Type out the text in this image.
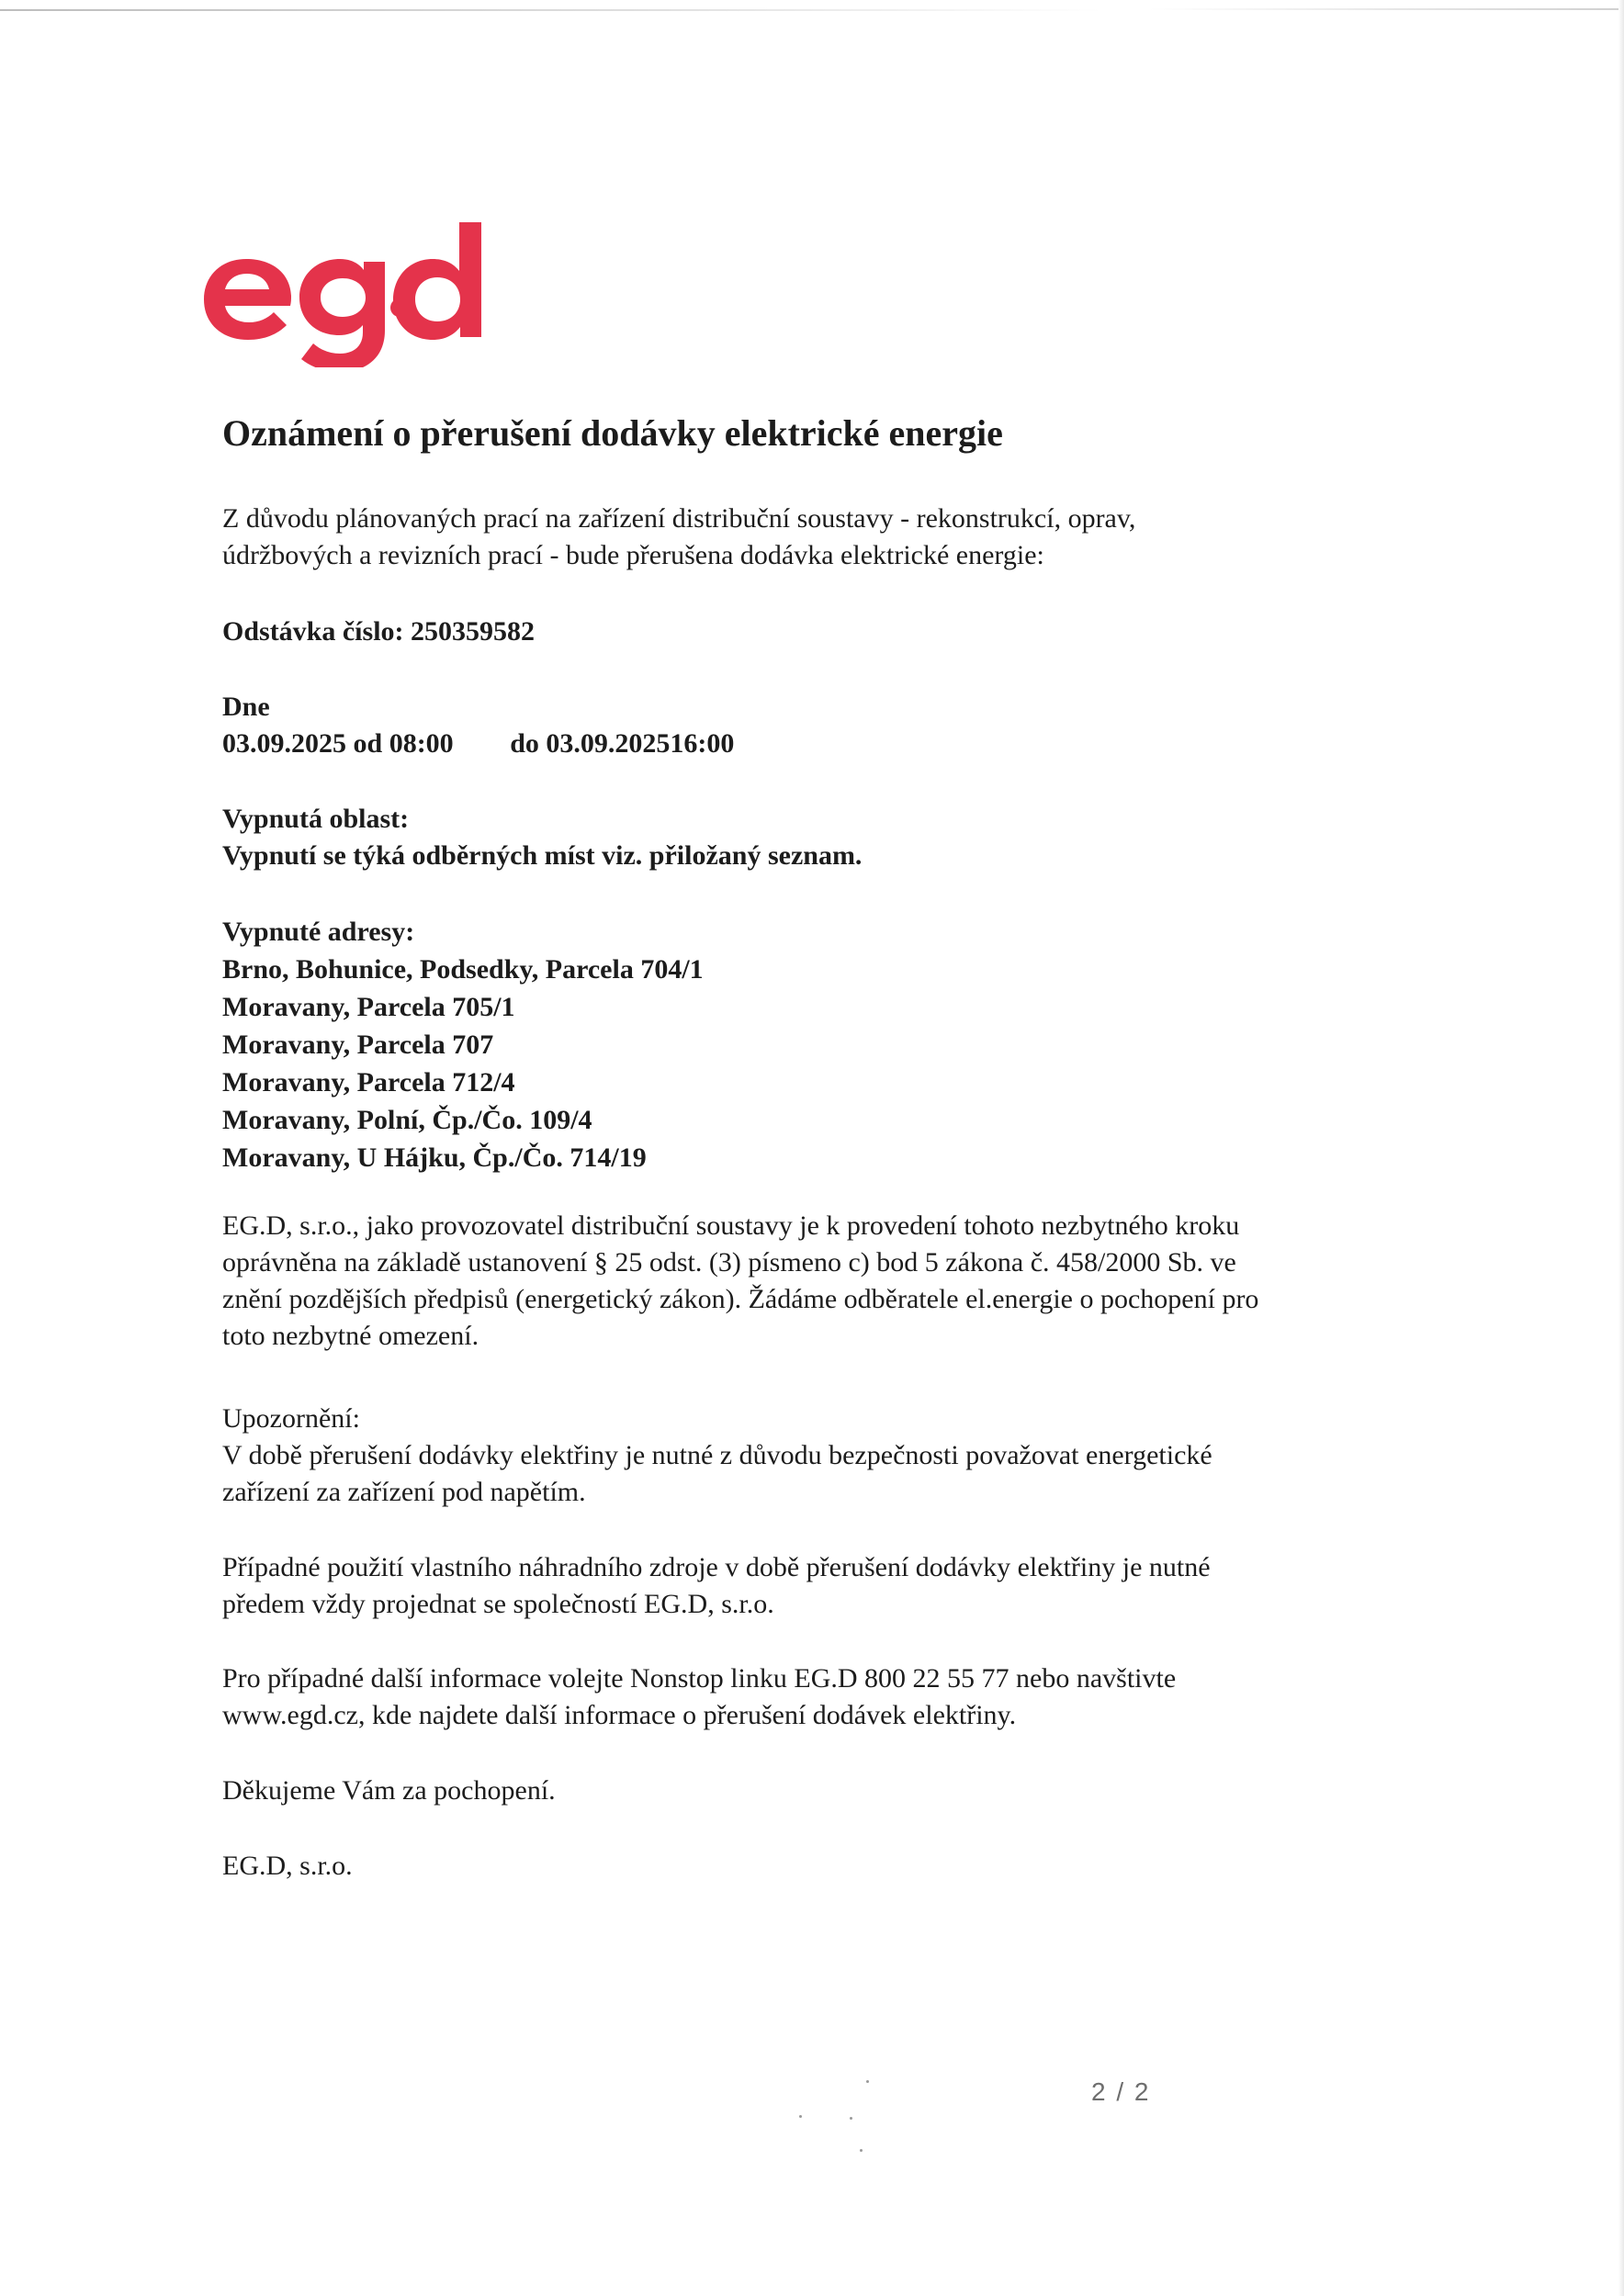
Oznámení o přerušení dodávky elektrické energie

Z důvodu plánovaných prací na zařízení distribuční soustavy - rekonstrukcí, oprav,

údržbových a revizních prací - bude přerušena dodávka elektrické energie:

Odstávka číslo: 250359582

Dne

03.09.2025 od 08:00 do 03.09.202516:00

Vypnutá oblast:

Vypnutí se týká odběrných míst viz. přiložaný seznam.

Vypnuté adresy:

Brno, Bohunice, Podsedky, Parcela 704/1

Moravany, Parcela 705/1

Moravany, Parcela 707

Moravany, Parcela 712/4

Moravany, Polní, Čp./Čo. 109/4

Moravany, U Hájku, Čp./Čo. 714/19

EG.D, s.r.o., jako provozovatel distribuční soustavy je k provedení tohoto nezbytného kroku

oprávněna na základě ustanovení § 25 odst. (3) písmeno c) bod 5 zákona č. 458/2000 Sb. ve

znění pozdějších předpisů (energetický zákon). Žádáme odběratele el.energie o pochopení pro

toto nezbytné omezení.

Upozornění:

V době přerušení dodávky elektřiny je nutné z důvodu bezpečnosti považovat energetické

zařízení za zařízení pod napětím.

Případné použití vlastního náhradního zdroje v době přerušení dodávky elektřiny je nutné

předem vždy projednat se společností EG.D, s.r.o.

Pro případné další informace volejte Nonstop linku EG.D 800 22 55 77 nebo navštivte

www.egd.cz, kde najdete další informace o přerušení dodávek elektřiny.

Děkujeme Vám za pochopení.

EG.D, s.r.o.

2 / 2
